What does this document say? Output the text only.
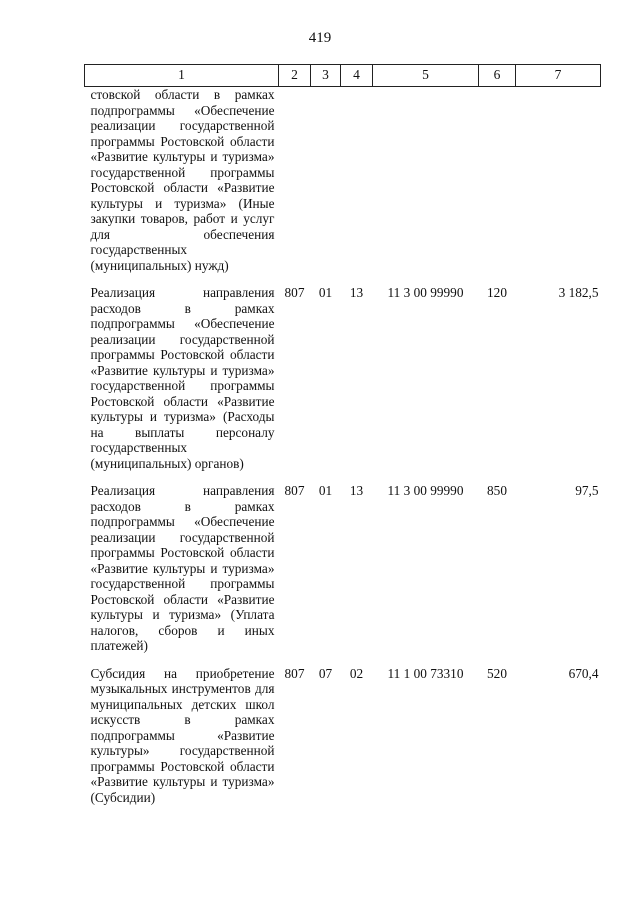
419
1	2	3	4	5	6	7
стовской области в рамках подпрограммы «Обеспечение реализации государственной программы Ростовской области «Развитие культуры и туризма» государственной программы Ростовской области «Развитие культуры и туризма» (Иные закупки товаров, работ и услуг для обеспечения государственных (муниципальных) нужд)						

Реализация направления расходов в рамках подпрограммы «Обеспечение реализации государственной программы Ростовской области «Развитие культуры и туризма» государственной программы Ростовской области «Развитие культуры и туризма» (Расходы на выплаты персоналу государственных (муниципальных) органов)	807	01	13	11 3 00 99990	120	3 182,5

Реализация направления расходов в рамках подпрограммы «Обеспечение реализации государственной программы Ростовской области «Развитие культуры и туризма» государственной программы Ростовской области «Развитие культуры и туризма» (Уплата налогов, сборов и иных платежей)	807	01	13	11 3 00 99990	850	97,5

Субсидия на приобретение музыкальных инструментов для муниципальных детских школ искусств в рамках подпрограммы «Развитие культуры» государственной программы Ростовской области «Развитие культуры и туризма» (Субсидии)	807	07	02	11 1 00 73310	520	670,4
